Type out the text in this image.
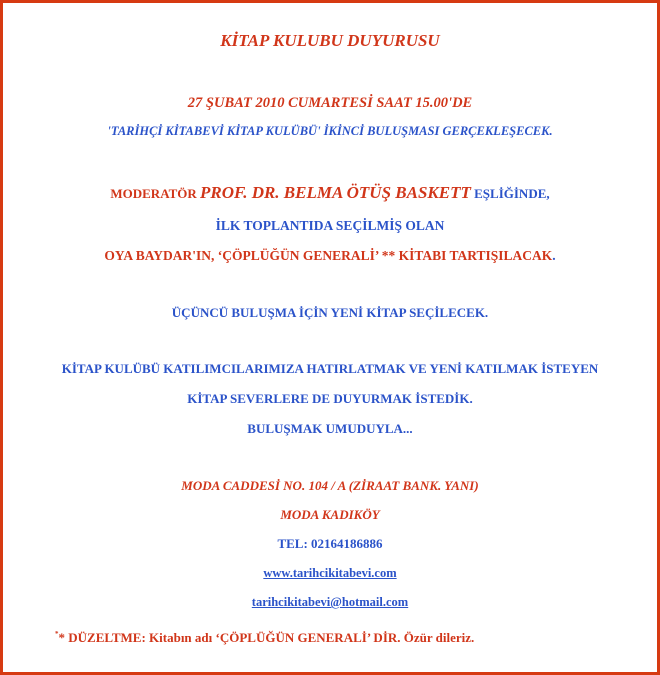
KİTAP KULUBU DUYURUSU
27 ŞUBAT 2010 CUMARTESİ SAAT 15.00'DE
'TARİHÇİ KİTABEVİ KİTAP KULÜBÜ' İKİNCİ BULUŞMASI GERÇEKLEŞECEK.
MODERATÖR PROF. DR. BELMA ÖTÜŞ BASKETT EŞLİĞİNDE,
İLK TOPLANTIDA SEÇİLMİŞ OLAN
OYA BAYDAR'IN, ‘ÇÖPLÜĞÜN GENERALİ’ ** KİTABI TARTIŞILACAK.
ÜÇÜNCÜ BULUŞMA İÇİN YENİ KİTAP SEÇİLECEK.
KİTAP KULÜBÜ KATILIMCILARIMIZA HATIRLATMAK VE YENİ KATILMAK İSTEYEN
KİTAP SEVERLERE DE DUYURMAK İSTEDİK.
BULUŞMAK UMUDUYLA...
MODA CADDESİ NO. 104 / A (ZİRAAT BANK. YANI)
MODA KADIKÖY
TEL: 02164186886
www.tarihcikitabevi.com
tarihcikitabevi@hotmail.com
** DÜZELTME: Kitabın adı ‘ÇÖPLÜĞÜN GENERALİ’ DİR. Özür dileriz.
